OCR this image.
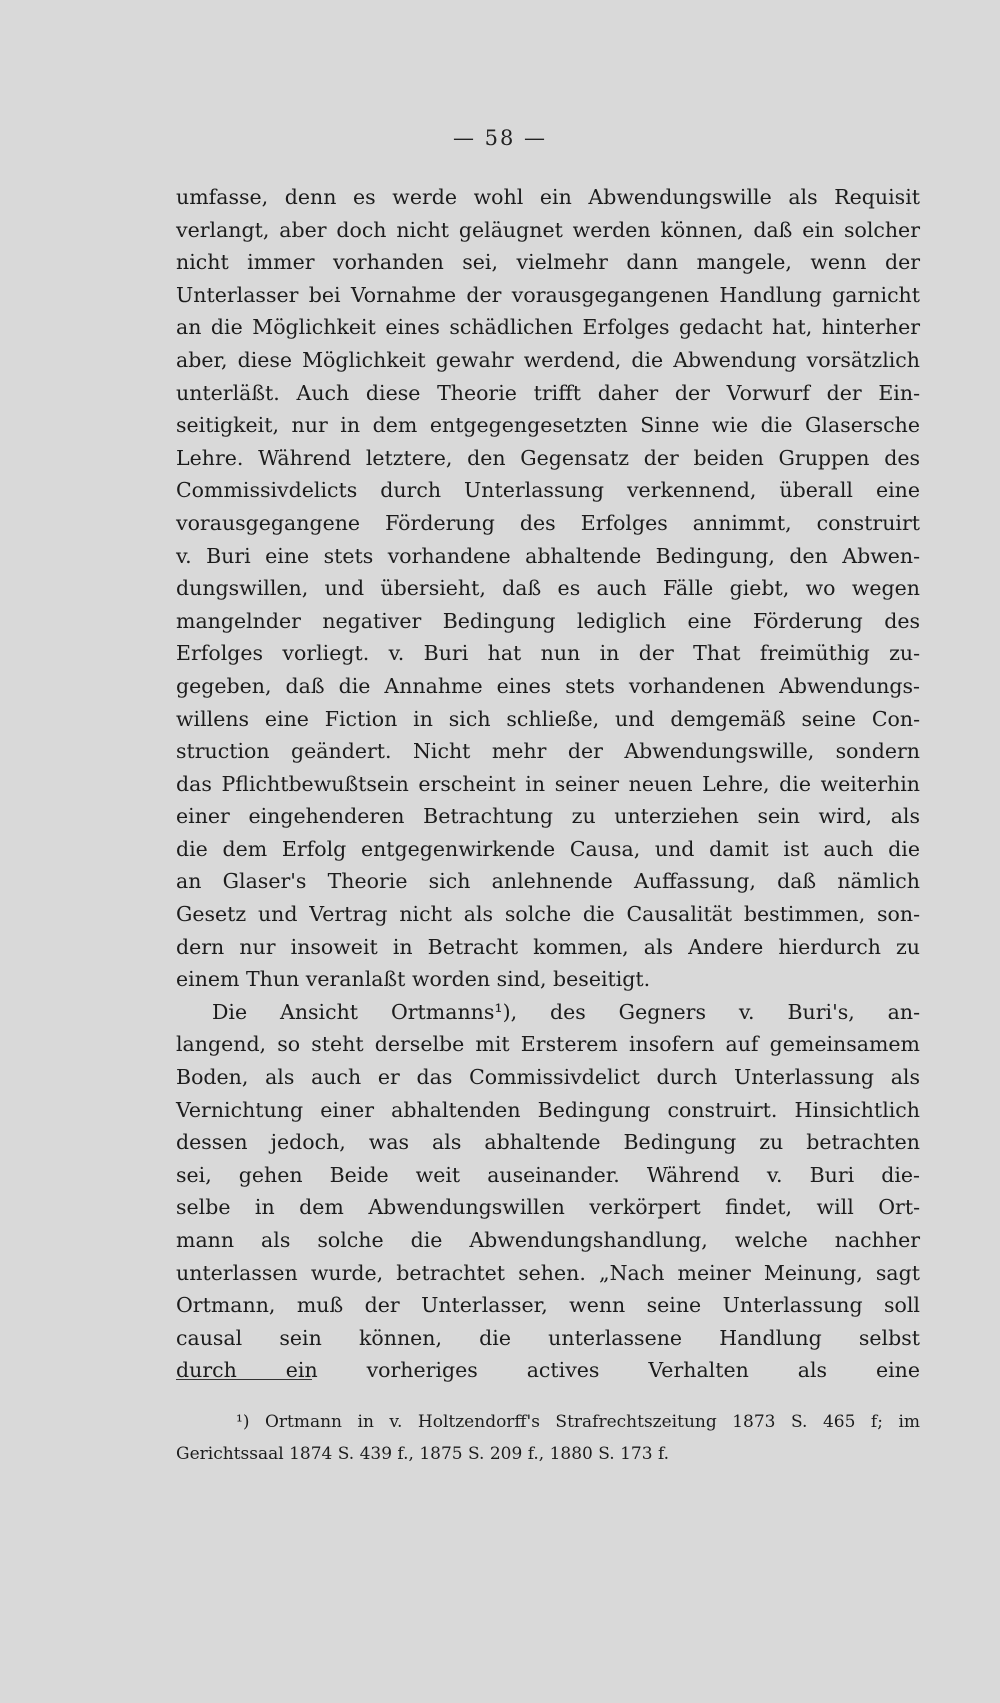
— 58 —
umfasse, denn es werde wohl ein Abwendungswille als Requisit
verlangt, aber doch nicht geläugnet werden können, daß ein solcher
nicht immer vorhanden sei, vielmehr dann mangele, wenn der
Unterlasser bei Vornahme der vorausgegangenen Handlung garnicht
an die Möglichkeit eines schädlichen Erfolges gedacht hat, hinterher
aber, diese Möglichkeit gewahr werdend, die Abwendung vorsätzlich
unterläßt. Auch diese Theorie trifft daher der Vorwurf der Ein-
seitigkeit, nur in dem entgegengesetzten Sinne wie die Glasersche
Lehre. Während letztere, den Gegensatz der beiden Gruppen des
Commissivdelicts durch Unterlassung verkennend, überall eine
vorausgegangene Förderung des Erfolges annimmt, construirt
v. Buri eine stets vorhandene abhaltende Bedingung, den Abwen-
dungswillen, und übersieht, daß es auch Fälle giebt, wo wegen
mangelnder negativer Bedingung lediglich eine Förderung des
Erfolges vorliegt. v. Buri hat nun in der That freimüthig zu-
gegeben, daß die Annahme eines stets vorhandenen Abwendungs-
willens eine Fiction in sich schließe, und demgemäß seine Con-
struction geändert. Nicht mehr der Abwendungswille, sondern
das Pflichtbewußtsein erscheint in seiner neuen Lehre, die weiterhin
einer eingehenderen Betrachtung zu unterziehen sein wird, als
die dem Erfolg entgegenwirkende Causa, und damit ist auch die
an Glaser's Theorie sich anlehnende Auffassung, daß nämlich
Gesetz und Vertrag nicht als solche die Causalität bestimmen, son-
dern nur insoweit in Betracht kommen, als Andere hierdurch zu
einem Thun veranlaßt worden sind, beseitigt.
Die Ansicht Ortmanns¹), des Gegners v. Buri's, an-
langend, so steht derselbe mit Ersterem insofern auf gemeinsamem
Boden, als auch er das Commissivdelict durch Unterlassung als
Vernichtung einer abhaltenden Bedingung construirt. Hinsichtlich
dessen jedoch, was als abhaltende Bedingung zu betrachten
sei, gehen Beide weit auseinander. Während v. Buri die-
selbe in dem Abwendungswillen verkörpert findet, will Ort-
mann als solche die Abwendungshandlung, welche nachher
unterlassen wurde, betrachtet sehen. „Nach meiner Meinung, sagt
Ortmann, muß der Unterlasser, wenn seine Unterlassung soll
causal sein können, die unterlassene Handlung selbst
durch ein vorheriges actives Verhalten als eine
¹) Ortmann in v. Holtzendorff's Strafrechtszeitung 1873 S. 465 f; im
Gerichtssaal 1874 S. 439 f., 1875 S. 209 f., 1880 S. 173 f.
